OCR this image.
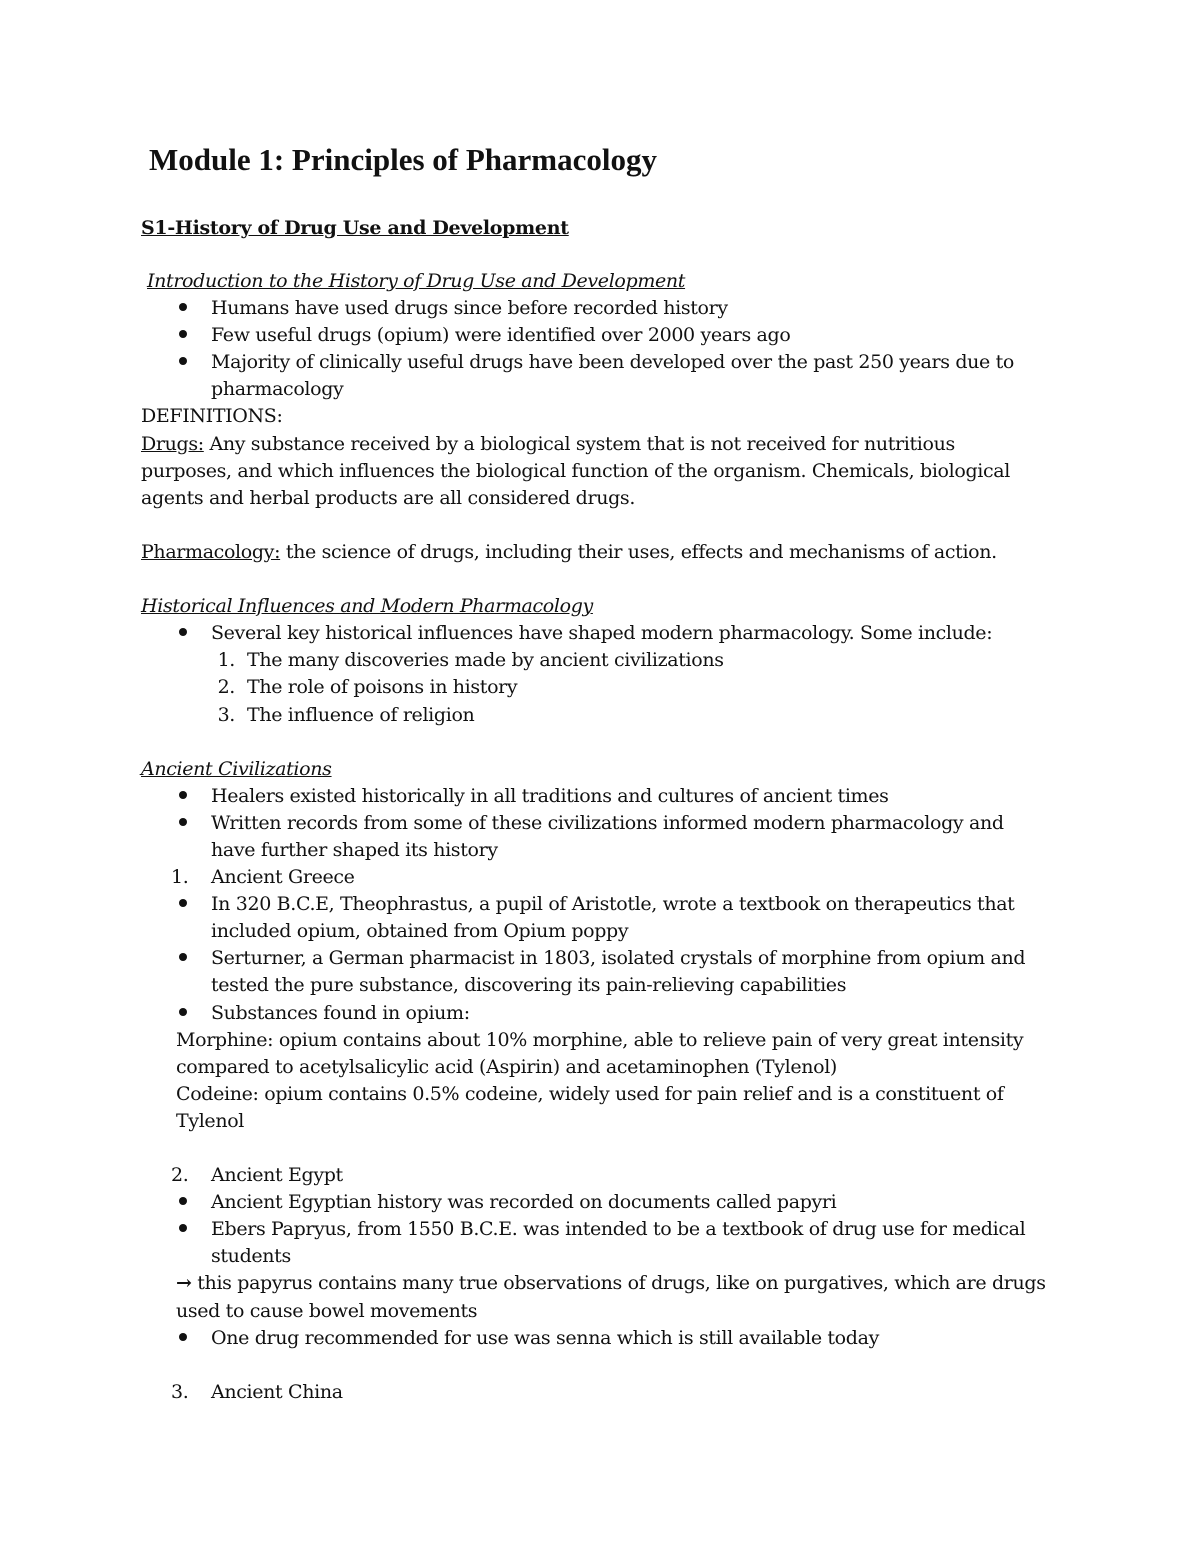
Module 1: Principles of Pharmacology
S1-History of Drug Use and Development

Introduction to the History of Drug Use and Development

Humans have used drugs since before recorded history
Few useful drugs (opium) were identified over 2000 years ago
Majority of clinically useful drugs have been developed over the past 250 years due to
pharmacology

DEFINITIONS:

Drugs: Any substance received by a biological system that is not received for nutritious

purposes, and which influences the biological function of the organism. Chemicals, biological

agents and herbal products are all considered drugs.

Pharmacology: the science of drugs, including their uses, effects and mechanisms of action.

Historical Influences and Modern Pharmacology

Several key historical influences have shaped modern pharmacology. Some include:
1. The many discoveries made by ancient civilizations
2. The role of poisons in history
3. The influence of religion

Ancient Civilizations

Healers existed historically in all traditions and cultures of ancient times
Written records from some of these civilizations informed modern pharmacology and
have further shaped its history
1.	Ancient Greece
In 320 B.C.E, Theophrastus, a pupil of Aristotle, wrote a textbook on therapeutics that
included opium, obtained from Opium poppy
Serturner, a German pharmacist in 1803, isolated crystals of morphine from opium and
tested the pure substance, discovering its pain-relieving capabilities
Substances found in opium:

Morphine: opium contains about 10% morphine, able to relieve pain of very great intensity

compared to acetylsalicylic acid (Aspirin) and acetaminophen (Tylenol)

Codeine: opium contains 0.5% codeine, widely used for pain relief and is a constituent of

Tylenol

2.	Ancient Egypt
Ancient Egyptian history was recorded on documents called papyri
Ebers Papryus, from 1550 B.C.E. was intended to be a textbook of drug use for medical
students

→ this papyrus contains many true observations of drugs, like on purgatives, which are drugs

used to cause bowel movements

One drug recommended for use was senna which is still available today
3.	Ancient China
